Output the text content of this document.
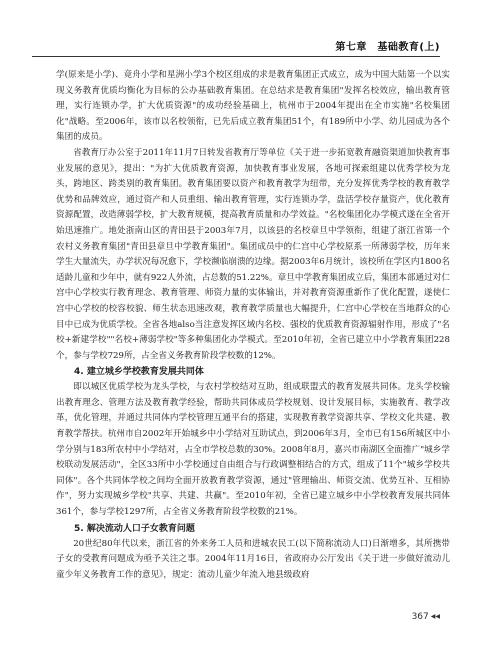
第七章　基础教育(上)

学(原来是小学)、竟舟小学和星洲小学3个校区组成的求是教育集团正式成立，成为中国大陆第一个以实现义务教育优质均衡化为目标的公办基础教育集团。在总结求是教育集团"发挥名校效应，输出教育管理，实行连锁办学，扩大优质资源"的成功经验基础上，杭州市于2004年提出在全市实施"名校集团化"战略。至2006年，该市以名校领衔，已先后成立教育集团51个，有189所中小学、幼儿园成为各个集团的成员。

省教育厅办公室于2011年11月7日转发省教育厅等单位《关于进一步拓宽教育融资渠道加快教育事业发展的意见》，提出："为扩大优质教育资源，加快教育事业发展，各地可探索组建以优秀学校为龙头，跨地区、跨类别的教育集团。教育集团要以资产和教育教学为纽带，充分发挥优秀学校的教育教学优势和品牌效应，通过资产和人员重组、输出教育管理，实行连锁办学，盘活学校存量资产，优化教育资源配置，改造薄弱学校，扩大教育规模，提高教育质量和办学效益。"名校集团化办学模式遂在全省开始迅速推广。地处浙南山区的青田县于2003年7月，以该县的名校章旦中学领衔，组建了浙江省第一个农村义务教育集团"青田县章旦中学教育集团"。集团成员中的仁宫中心学校原系一所薄弱学校，历年来学生大量流失，办学状况每况愈下，学校濒临崩溃的边缘。据2003年6月统计，该校所在学区内1800名适龄儿童和少年中，就有922人外流，占总数的51.22%。章旦中学教育集团成立后，集团本部通过对仁宫中心学校实行教育理念、教育管理、师资力量的实体输出，并对教育资源重新作了优化配置，遂使仁宫中心学校的校容校貌、师生状态迅速改观，教育教学质量也大幅提升，仁宫中心学校在当地群众的心目中已成为优质学校。全省各地also当注意发挥区域内名校、强校的优质教育资源辐射作用，形成了"名校+新建学校""名校+薄弱学校"等多种集团化办学模式。至2010年初，全省已建立中小学教育集团228个，参与学校729所，占全省义务教育阶段学校数的12%。

4. 建立城乡学校教育发展共同体

即以城区优质学校为龙头学校，与农村学校结对互助，组成联盟式的教育发展共同体。龙头学校输出教育理念、管理方法及教育教学经验，帮助共同体成员学校规划、设计发展目标，实施教育、教学改革，优化管理，并通过共同体内学校管理互通平台的搭建，实现教育教学资源共享、学校文化共建、教育教学帮扶。杭州市自2002年开始城乡中小学结对互助试点，到2006年3月，全市已有156所城区中小学分别与183所农村中小学结对，占全市学校总数的30%。2008年8月，嘉兴市南湖区全面推广"城乡学校联动发展活动"，全区33所中小学校通过自由组合与行政调整相结合的方式，组成了11个"城乡学校共同体"。各个共同体学校之间均全面开放教育教学资源，通过"管理输出、师资交流、优势互补、互相协作"，努力实现城乡学校"共享、共建、共赢"。至2010年初，全省已建立城乡中小学校教育发展共同体361个，参与学校1297所，占全省义务教育阶段学校数的21%。

5. 解决流动人口子女教育问题

20世纪80年代以来，浙江省的外来务工人员和进城农民工(以下简称流动人口)日渐增多，其所携带子女的受教育问题成为亟予关注之事。2004年11月16日，省政府办公厅发出《关于进一步做好流动儿童少年义务教育工作的意见》，规定：流动儿童少年流入地县级政府

367 ◀◀
